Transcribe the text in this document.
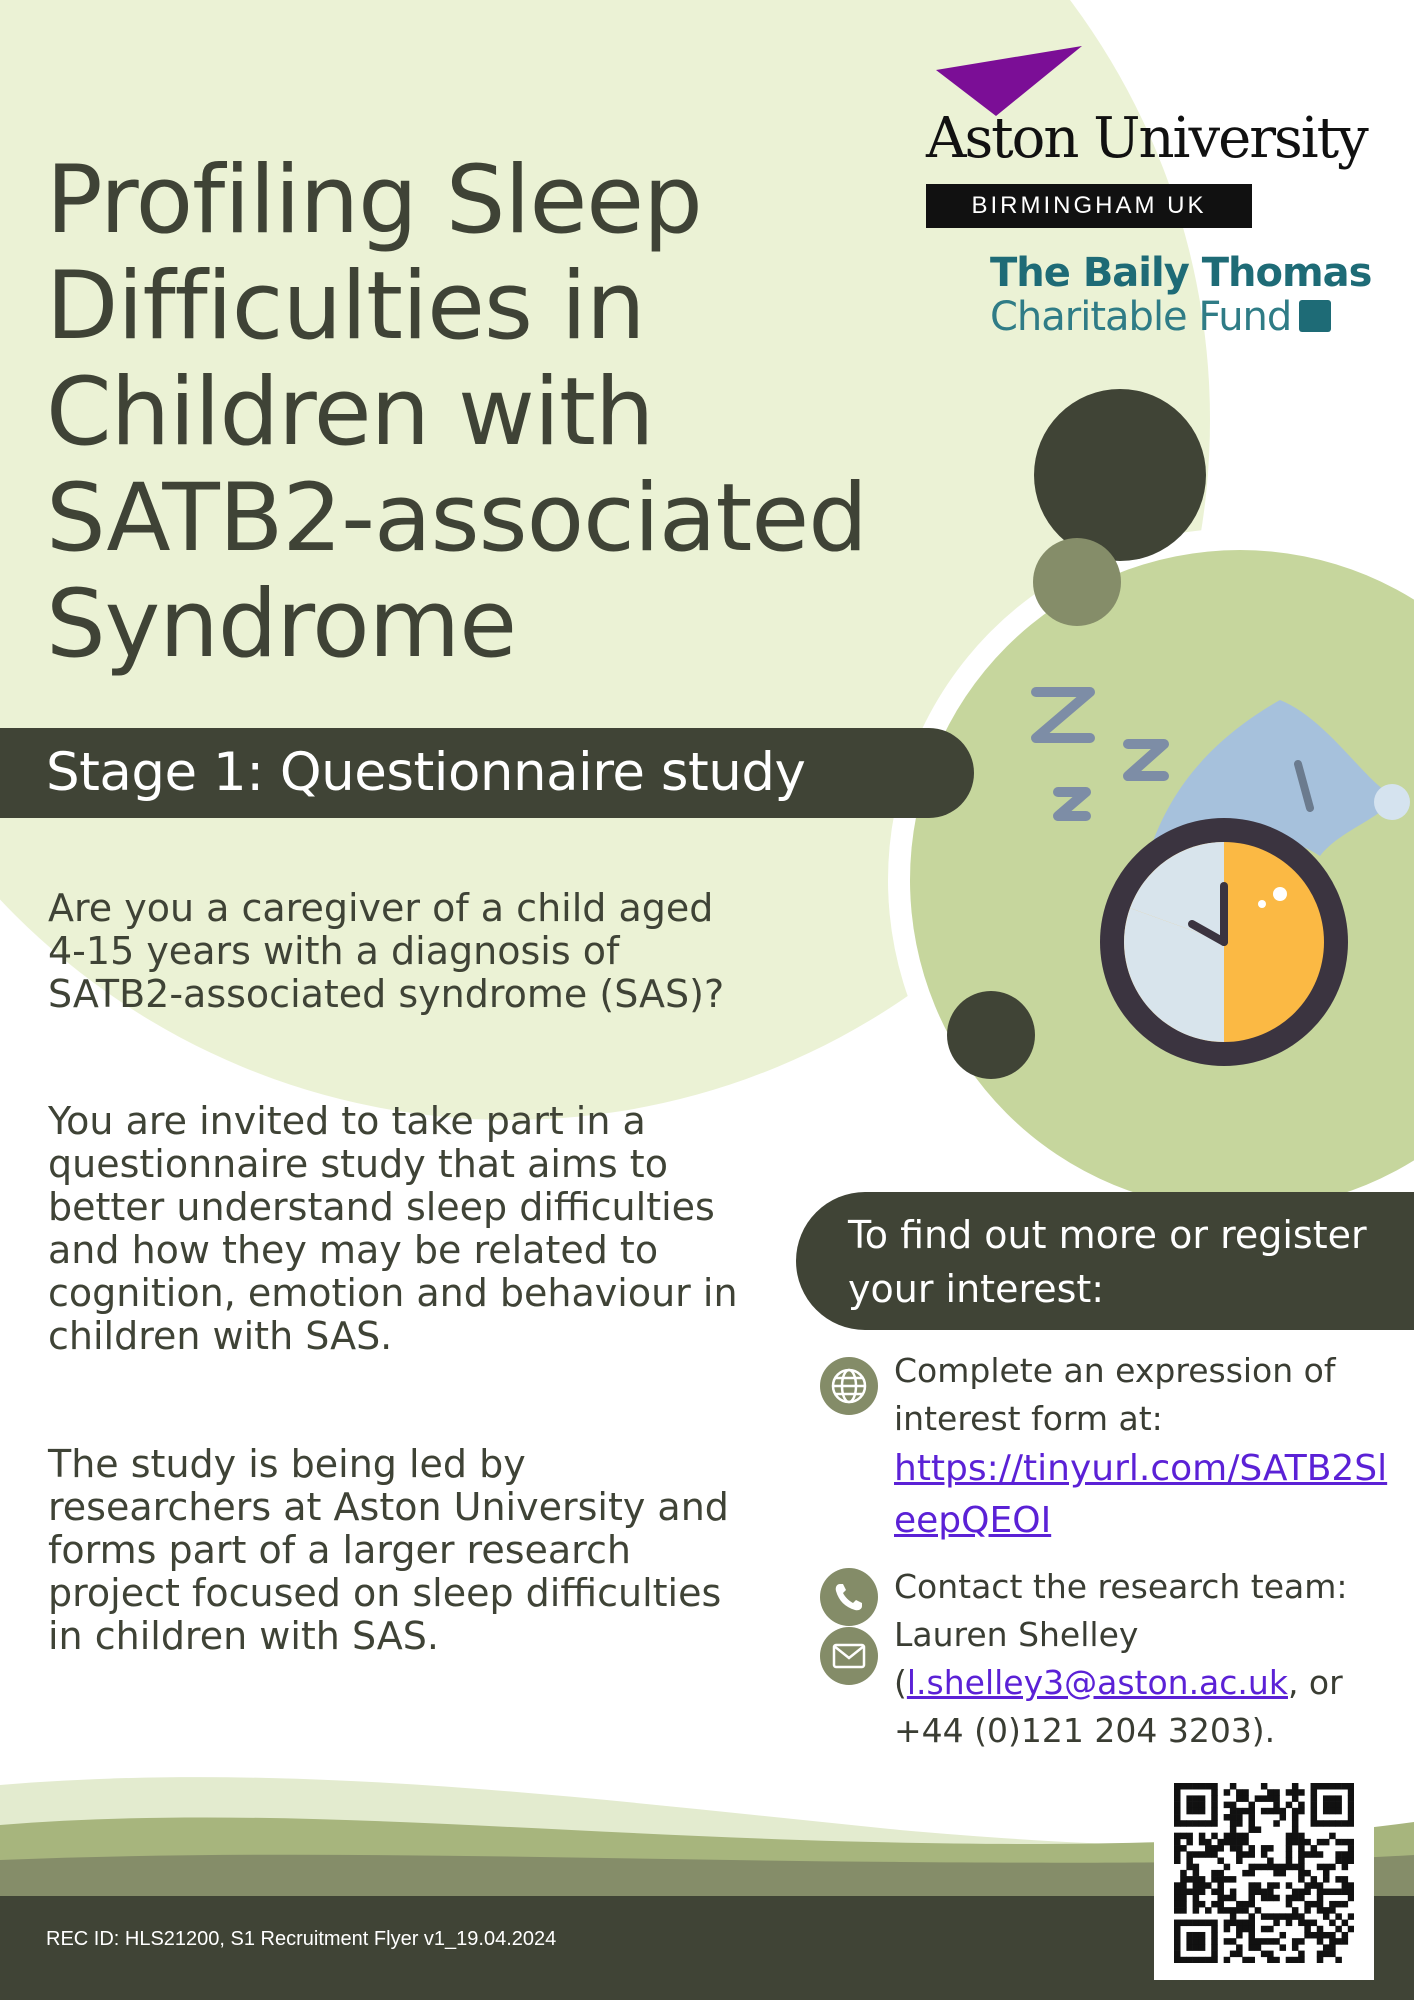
Aston University
BIRMINGHAM UK
The Baily Thomas
Charitable Fund
Profiling Sleep
Difficulties in
Children with
SATB2-associated
Syndrome
Stage 1: Questionnaire study

Are you a caregiver of a child aged 4-15 years with a diagnosis of SATB2-associated syndrome (SAS)?

You are invited to take part in a questionnaire study that aims to better understand sleep difficulties and how they may be related to cognition, emotion and behaviour in children with SAS.

The study is being led by researchers at Aston University and forms part of a larger research project focused on sleep difficulties in children with SAS.

To find out more or register your interest:
Complete an expression of interest form at:
https://tinyurl.com/SATB2SleepQEOI
Contact the research team:
Lauren Shelley
(l.shelley3@aston.ac.uk, or
+44 (0)121 204 3203).
REC ID: HLS21200, S1 Recruitment Flyer v1_19.04.2024
